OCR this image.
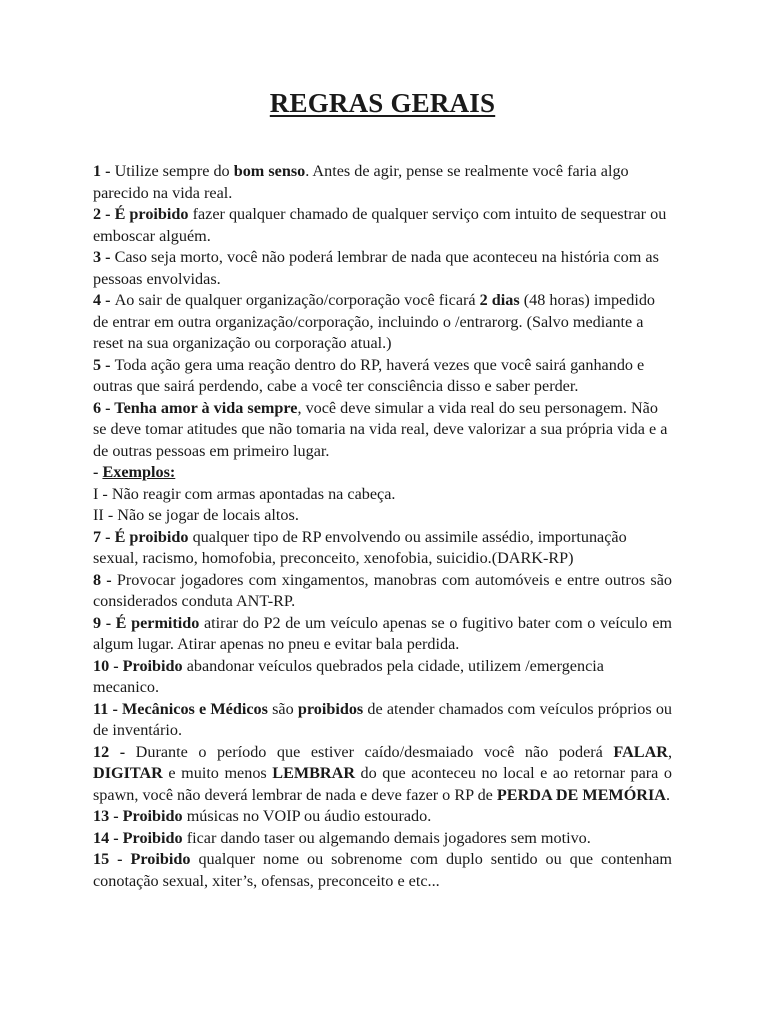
REGRAS GERAIS

1 - Utilize sempre do bom senso. Antes de agir, pense se realmente você faria algo parecido na vida real.

2 - É proibido fazer qualquer chamado de qualquer serviço com intuito de sequestrar ou emboscar alguém.

3 - Caso seja morto, você não poderá lembrar de nada que aconteceu na história com as pessoas envolvidas.

4 - Ao sair de qualquer organização/corporação você ficará 2 dias (48 horas) impedido de entrar em outra organização/corporação, incluindo o /entrarorg. (Salvo mediante a reset na sua organização ou corporação atual.)

5 - Toda ação gera uma reação dentro do RP, haverá vezes que você sairá ganhando e outras que sairá perdendo, cabe a você ter consciência disso e saber perder.

6 - Tenha amor à vida sempre, você deve simular a vida real do seu personagem. Não se deve tomar atitudes que não tomaria na vida real, deve valorizar a sua própria vida e a de outras pessoas em primeiro lugar.

- Exemplos:

I - Não reagir com armas apontadas na cabeça.

II - Não se jogar de locais altos.

7 - É proibido qualquer tipo de RP envolvendo ou assimile assédio, importunação sexual, racismo, homofobia, preconceito, xenofobia, suicidio.(DARK-RP)

8 - Provocar jogadores com xingamentos, manobras com automóveis e entre outros são considerados conduta ANT-RP.

9 - É permitido atirar do P2 de um veículo apenas se o fugitivo bater com o veículo em algum lugar. Atirar apenas no pneu e evitar bala perdida.

10 - Proibido abandonar veículos quebrados pela cidade, utilizem /emergencia mecanico.

11 - Mecânicos e Médicos são proibidos de atender chamados com veículos próprios ou de inventário.

12 - Durante o período que estiver caído/desmaiado você não poderá FALAR, DIGITAR e muito menos LEMBRAR do que aconteceu no local e ao retornar para o spawn, você não deverá lembrar de nada e deve fazer o RP de PERDA DE MEMÓRIA.

13 - Proibido músicas no VOIP ou áudio estourado.

14 - Proibido ficar dando taser ou algemando demais jogadores sem motivo.

15 - Proibido qualquer nome ou sobrenome com duplo sentido ou que contenham conotação sexual, xiter’s, ofensas, preconceito e etc...
